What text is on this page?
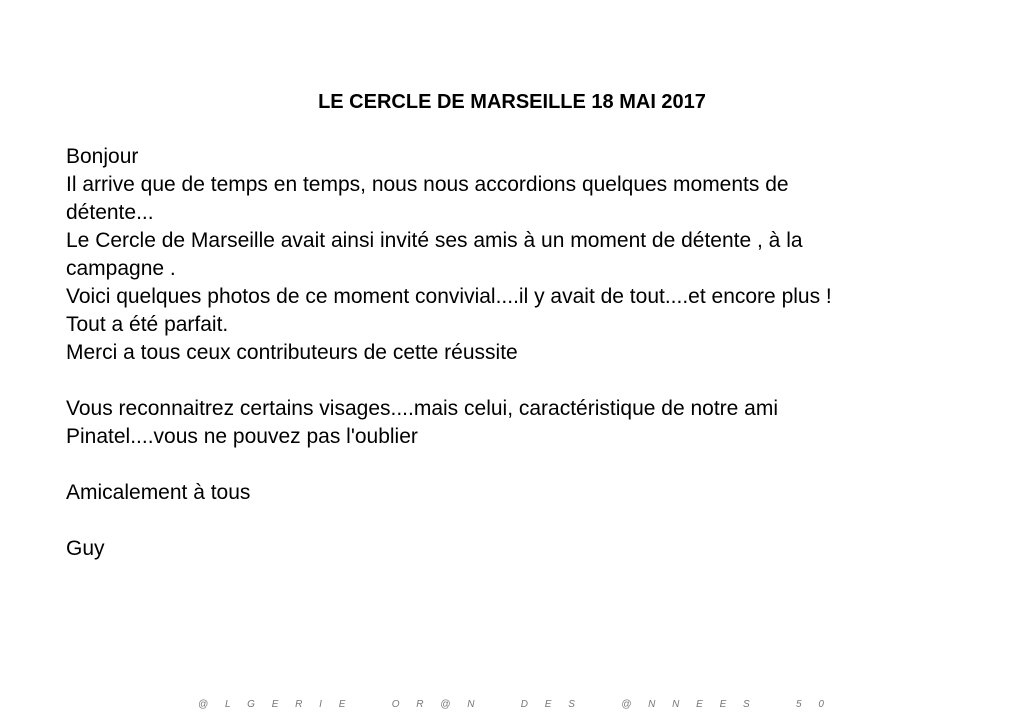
LE CERCLE DE MARSEILLE 18 MAI 2017
Bonjour
Il arrive que de temps en temps, nous nous accordions quelques moments de
détente...
Le Cercle de Marseille avait ainsi invité ses amis à un moment de détente , à la
campagne .
Voici quelques photos de ce moment convivial....il y avait de tout....et encore plus !
Tout a été parfait.
Merci a tous ceux contributeurs de cette réussite
Vous reconnaitrez certains visages....mais celui, caractéristique de notre ami
Pinatel....vous ne pouvez pas l'oublier
Amicalement à tous
Guy
@ L G E R I E   O R @ N   D E S   @ N N E E S   5 0
